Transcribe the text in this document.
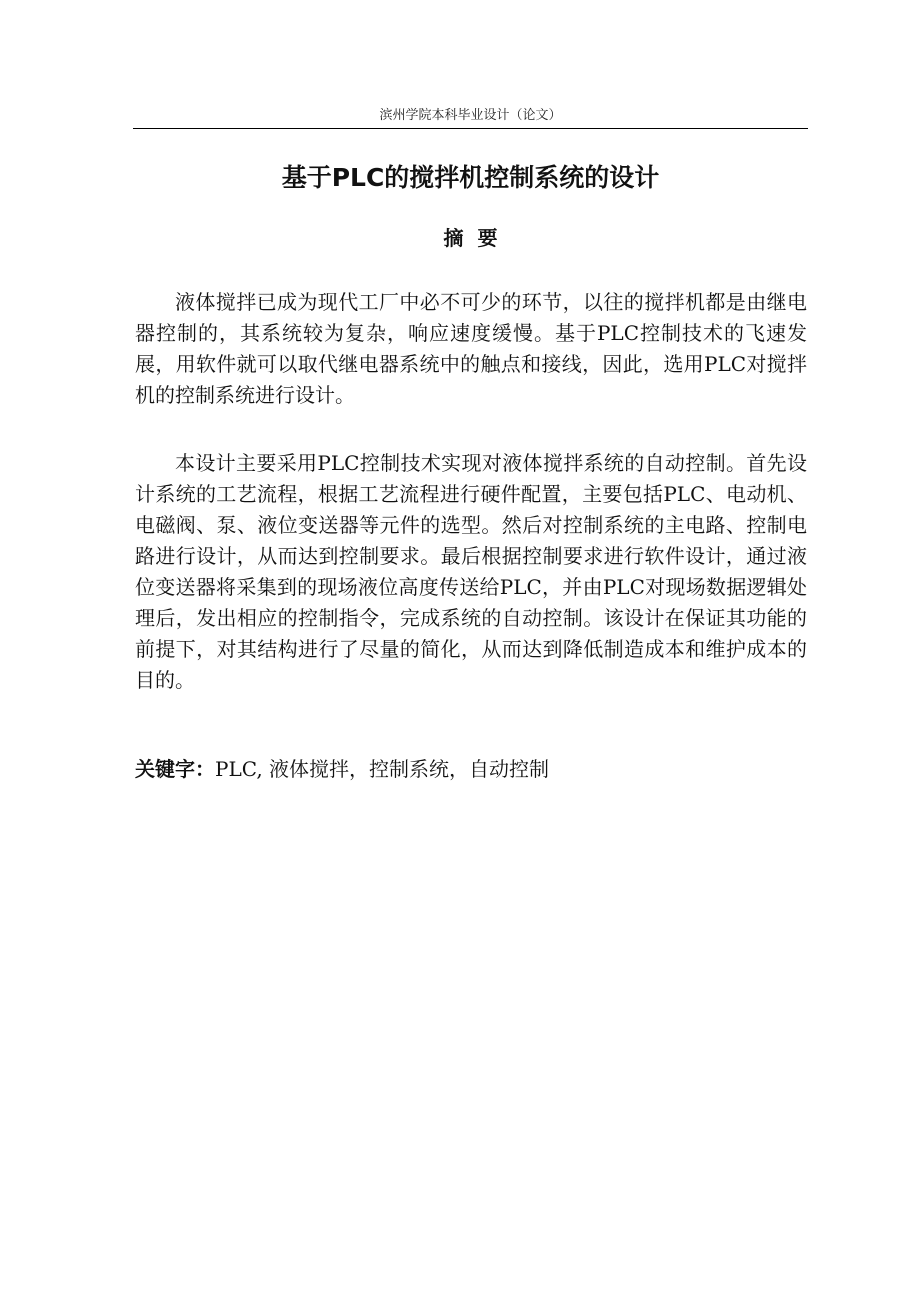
滨州学院本科毕业设计（论文）
基于PLC的搅拌机控制系统的设计
摘要

液体搅拌已成为现代工厂中必不可少的环节，以往的搅拌机都是由继电器控制的，其系统较为复杂，响应速度缓慢。基于PLC控制技术的飞速发展，用软件就可以取代继电器系统中的触点和接线，因此，选用PLC对搅拌机的控制系统进行设计。

本设计主要采用PLC控制技术实现对液体搅拌系统的自动控制。首先设计系统的工艺流程，根据工艺流程进行硬件配置，主要包括PLC、电动机、电磁阀、泵、液位变送器等元件的选型。然后对控制系统的主电路、控制电路进行设计，从而达到控制要求。最后根据控制要求进行软件设计，通过液位变送器将采集到的现场液位高度传送给PLC，并由PLC对现场数据逻辑处理后，发出相应的控制指令，完成系统的自动控制。该设计在保证其功能的前提下，对其结构进行了尽量的简化，从而达到降低制造成本和维护成本的目的。

关键字：PLC, 液体搅拌，控制系统，自动控制
